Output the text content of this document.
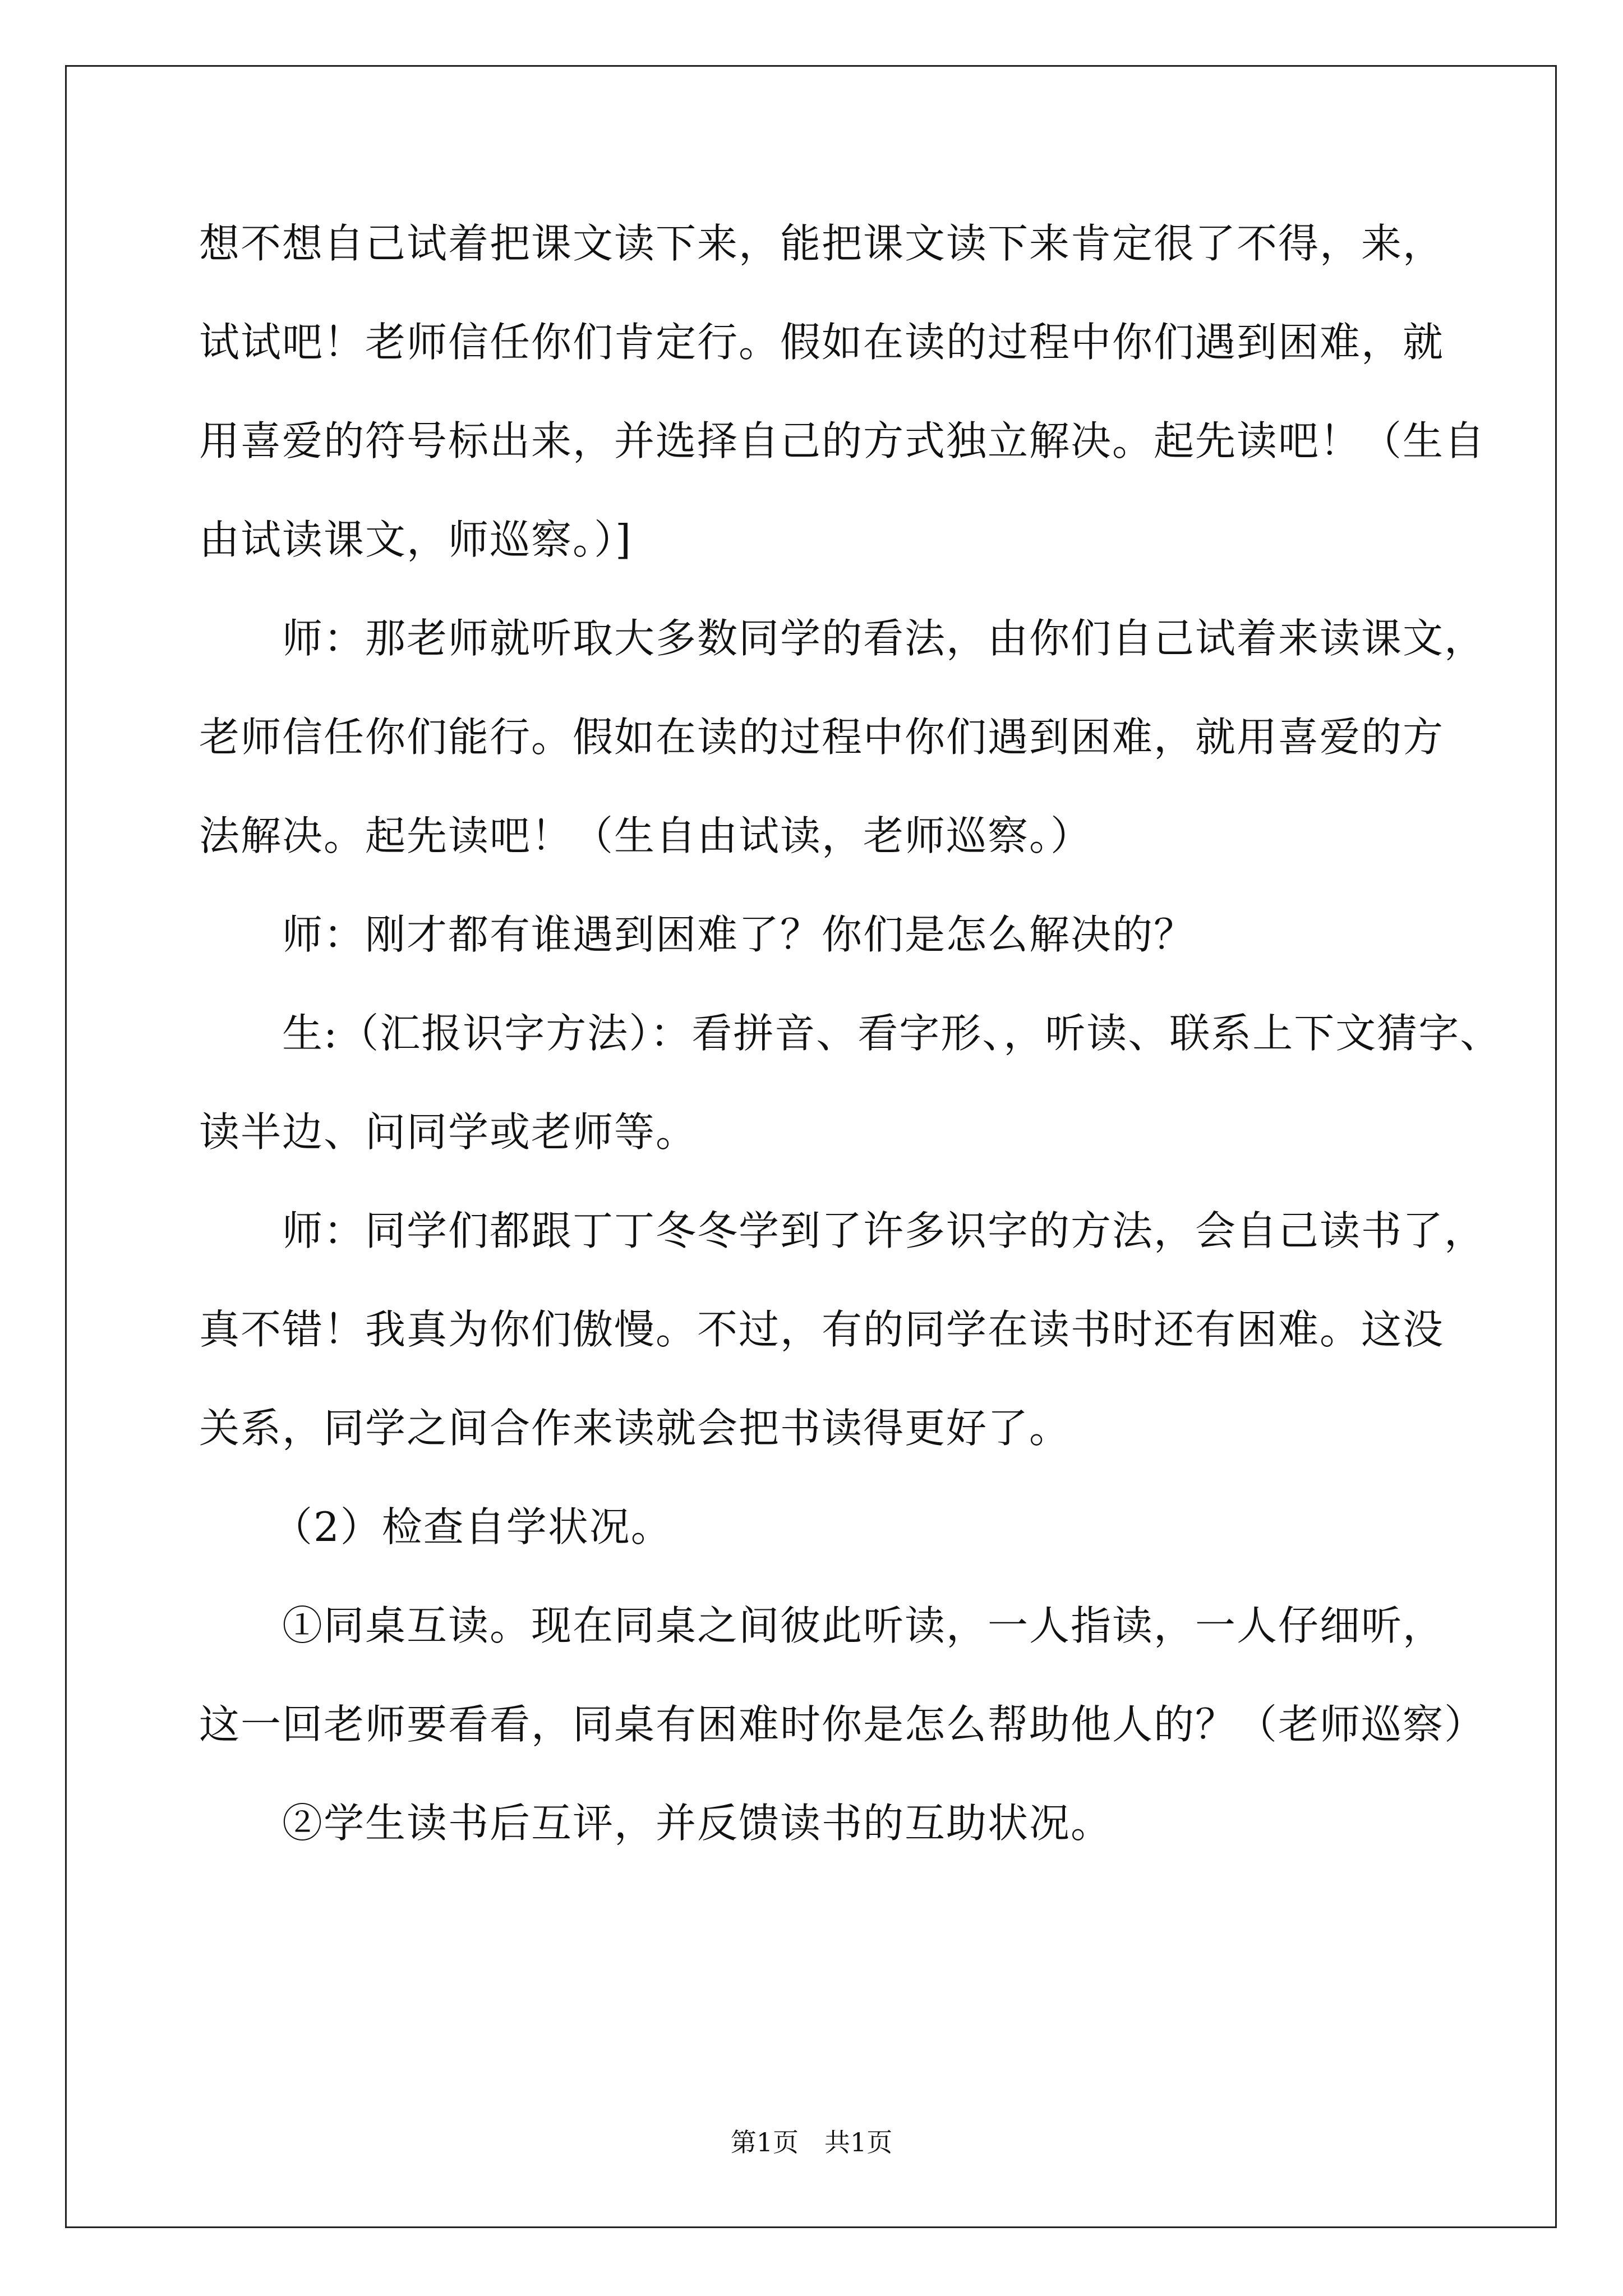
想不想自己试着把课文读下来，能把课文读下来肯定很了不得，来，
试试吧！老师信任你们肯定行。假如在读的过程中你们遇到困难，就
用喜爱的符号标出来，并选择自己的方式独立解决。起先读吧！（生自
由试读课文，师巡察。）]
师：那老师就听取大多数同学的看法，由你们自己试着来读课文，
老师信任你们能行。假如在读的过程中你们遇到困难，就用喜爱的方
法解决。起先读吧！（生自由试读，老师巡察。）
师：刚才都有谁遇到困难了？你们是怎么解决的？
生:（汇报识字方法）：看拼音、看字形、，听读、联系上下文猜字、
读半边、问同学或老师等。
师：同学们都跟丁丁冬冬学到了许多识字的方法，会自己读书了，
真不错！我真为你们傲慢。不过，有的同学在读书时还有困难。这没
关系，同学之间合作来读就会把书读得更好了。
（2）检查自学状况。
①同桌互读。现在同桌之间彼此听读，一人指读，一人仔细听，
这一回老师要看看，同桌有困难时你是怎么帮助他人的？（老师巡察）
②学生读书后互评，并反馈读书的互助状况。
第1页　共1页
